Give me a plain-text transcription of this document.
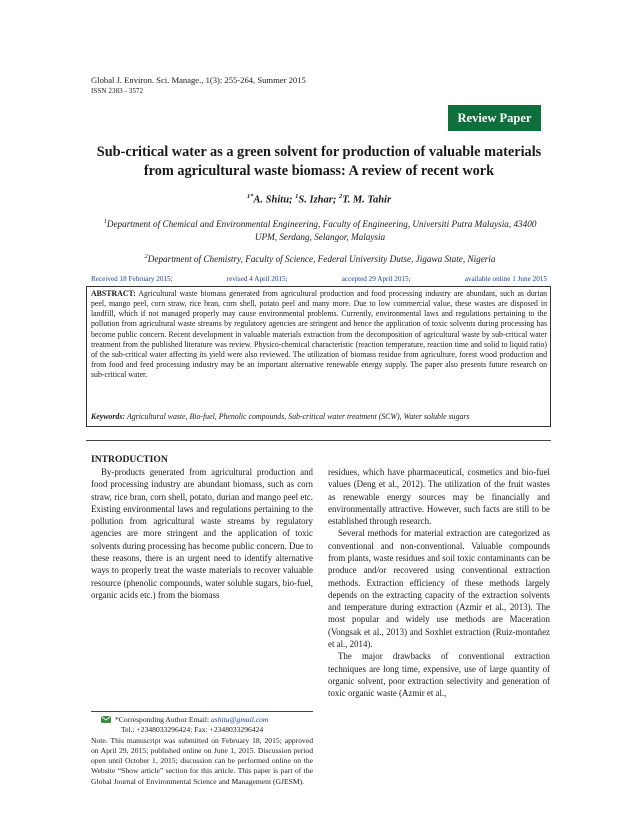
Global J. Environ. Sci. Manage., 1(3): 255-264, Summer 2015
ISSN 2383 - 3572
Review Paper
Sub-critical water as a green solvent for production of valuable materials from agricultural waste biomass: A review of recent work
$^{1*}$A. Shitu; $^1$S. Izhar; $^2$T. M. Tahir
$^1$Department of Chemical and Environmental Engineering, Faculty of Engineering, Universiti Putra Malaysia, 43400 UPM, Serdang, Selangor, Malaysia
$^2$Department of Chemistry, Faculty of Science, Federal University Dutse, Jigawa State, Nigeria
Received 18 February 2015;	revised 4 April 2015;	accepted 29 April 2015;	available online 1 June 2015
ABSTRACT: Agricultural waste biomass generated from agricultural production and food processing industry are abundant, such as durian peel, mango peel, corn straw, rice bran, corn shell, potato peel and many more. Due to low commercial value, these wastes are disposed in landfill, which if not managed properly may cause environmental problems. Currently, environmental laws and regulations pertaining to the pollution from agricultural waste streams by regulatory agencies are stringent and hence the application of toxic solvents during processing has become public concern. Recent development in valuable materials extraction from the decomposition of agricultural waste by sub-critical water treatment from the published literature was review. Physico-chemical characteristic (reaction temperature, reaction time and solid to liquid ratio) of the sub-critical water affecting its yield were also reviewed. The utilization of biomass residue from agriculture, forest wood production and from food and feed processing industry may be an important alternative renewable energy supply. The paper also presents future research on sub-critical water.
Keywords: Agricultural waste, Bio-fuel, Phenolic compounds, Sub-critical water treatment (SCW), Water soluble sugars

INTRODUCTION

By-products generated from agricultural production and food processing industry are abundant biomass, such as corn straw, rice bran, corn shell, potato, durian and mango peel etc. Existing environmental laws and regulations pertaining to the pollution from agricultural waste streams by regulatory agencies are more stringent and the application of toxic solvents during processing has become public concern. Due to these reasons, there is an urgent need to identify alternative ways to properly treat the waste materials to recover valuable resource (phenolic compounds, water soluble sugars, bio-fuel, organic acids etc.) from the biomass

residues, which have pharmaceutical, cosmetics and bio-fuel values (Deng et al., 2012). The utilization of the fruit wastes as renewable energy sources may be financially and environmentally attractive. However, such facts are still to be established through research.

Several methods for material extraction are categorized as conventional and non-conventional. Valuable compounds from plants, waste residues and soil toxic contaminants can be produce and/or recovered using conventional extraction methods. Extraction efficiency of these methods largely depends on the extracting capacity of the extraction solvents and temperature during extraction (Azmir et al., 2013). The most popular and widely use methods are Maceration (Vongsak et al., 2013) and Soxhlet extraction (Ruiz-montañez et al., 2014).

The major drawbacks of conventional extraction techniques are long time, expensive, use of large quantity of organic solvent, poor extraction selectivity and generation of toxic organic waste (Azmir et al.,

*Corresponding Author Email: ashitu@gmail.com
Tel.: +2348033296424; Fax: +2348033296424
Note. This manuscript was submitted on February 18, 2015; approved on April 29, 2015; published online on June 1, 2015. Discussion period open until October 1, 2015; discussion can be performed online on the Website “Show article” section for this article. This paper is part of the Global Journal of Environmental Science and Management (GJESM).
